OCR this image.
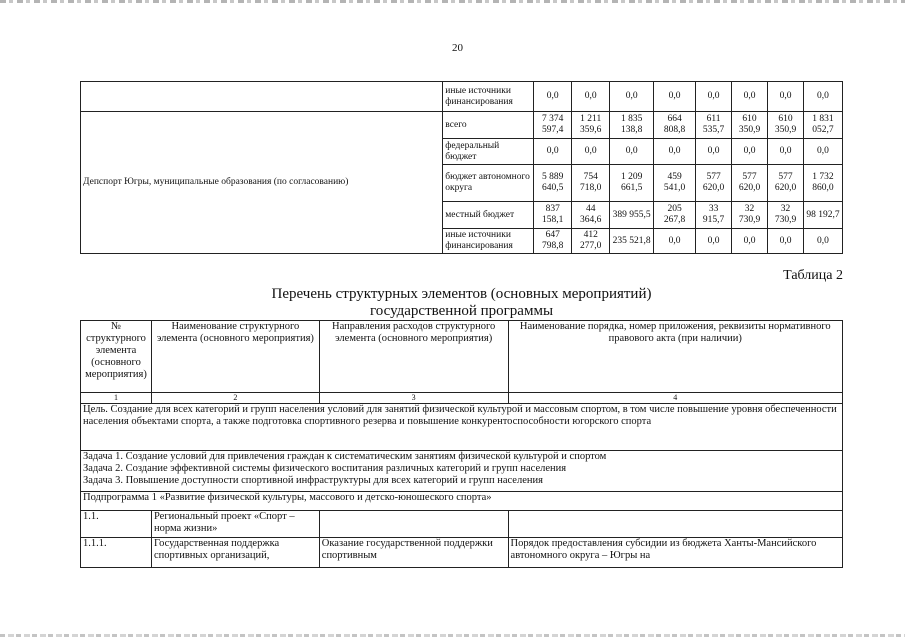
20
	иные источники финансирования	0,0	0,0	0,0	0,0	0,0	0,0	0,0	0,0
Депспорт Югры, муниципальные образования (по согласованию)	всего	7 374 597,4	1 211 359,6	1 835 138,8	664 808,8	611 535,7	610 350,9	610 350,9	1 831 052,7
	федеральный бюджет	0,0	0,0	0,0	0,0	0,0	0,0	0,0	0,0
	бюджет автономного округа	5 889 640,5	754 718,0	1 209 661,5	459 541,0	577 620,0	577 620,0	577 620,0	1 732 860,0
	местный бюджет	837 158,1	44 364,6	389 955,5	205 267,8	33 915,7	32 730,9	32 730,9	98 192,7
	иные источники финансирования	647 798,8	412 277,0	235 521,8	0,0	0,0	0,0	0,0	0,0
Таблица 2
Перечень структурных элементов (основных мероприятий)
государственной программы
№ структурного элемента (основного мероприятия)	Наименование структурного элемента (основного мероприятия)	Направления расходов структурного элемента (основного мероприятия)	Наименование порядка, номер приложения, реквизиты нормативного правового акта (при наличии)
1	2	3	4
Цель. Создание для всех категорий и групп населения условий для занятий физической культурой и массовым спортом, в том числе повышение уровня обеспеченности населения объектами спорта, а также подготовка спортивного резерва и повышение конкурентоспособности югорского спорта			

Задача 1. Создание условий для привлечения граждан к систематическим занятиям физической культурой и спортом
Задача 2. Создание эффективной системы физического воспитания различных категорий и групп населения
Задача 3. Повышение доступности спортивной инфраструктуры для всех категорий и групп населения			

Подпрограмма 1 «Развитие физической культуры, массового и детско-юношеского спорта»			
1.1.	Региональный проект «Спорт – норма жизни»		
1.1.1.	Государственная поддержка спортивных организаций,	Оказание государственной поддержки спортивным	Порядок предоставления субсидии из бюджета Ханты-Мансийского автономного округа – Югры на
